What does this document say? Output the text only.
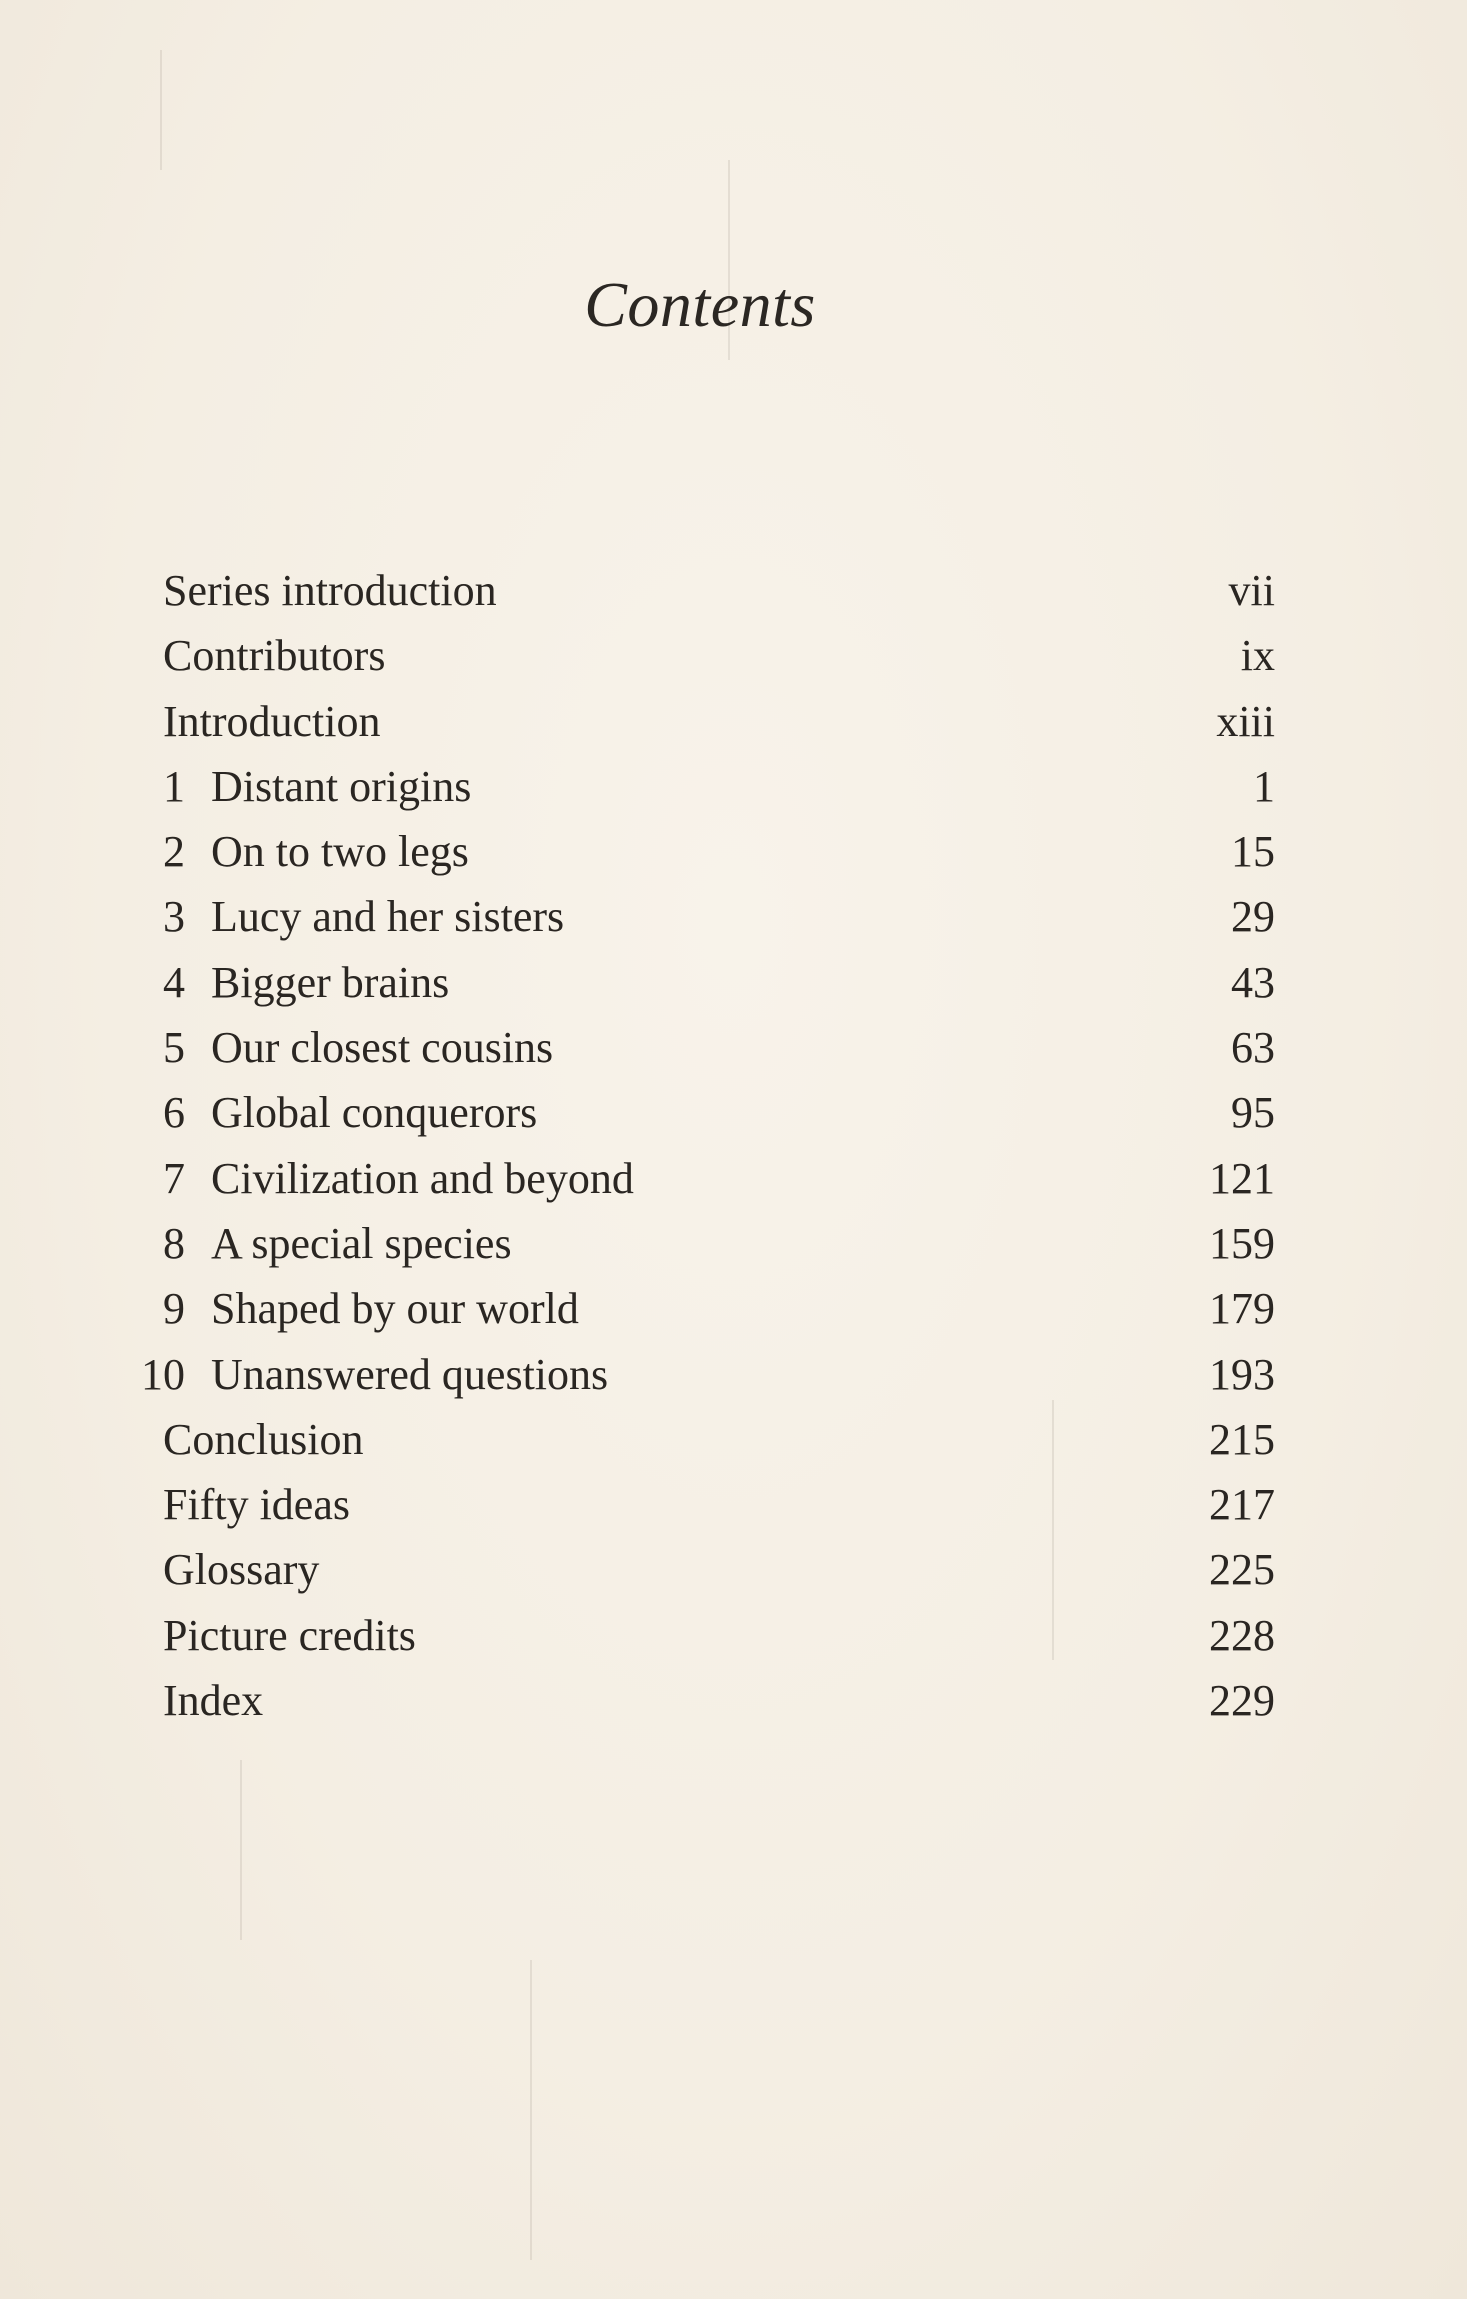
Contents
Series introduction	vii
Contributors	ix
Introduction	xiii
1 Distant origins	1
2 On to two legs	15
3 Lucy and her sisters	29
4 Bigger brains	43
5 Our closest cousins	63
6 Global conquerors	95
7 Civilization and beyond	121
8 A special species	159
9 Shaped by our world	179
10 Unanswered questions	193
Conclusion	215
Fifty ideas	217
Glossary	225
Picture credits	228
Index	229
